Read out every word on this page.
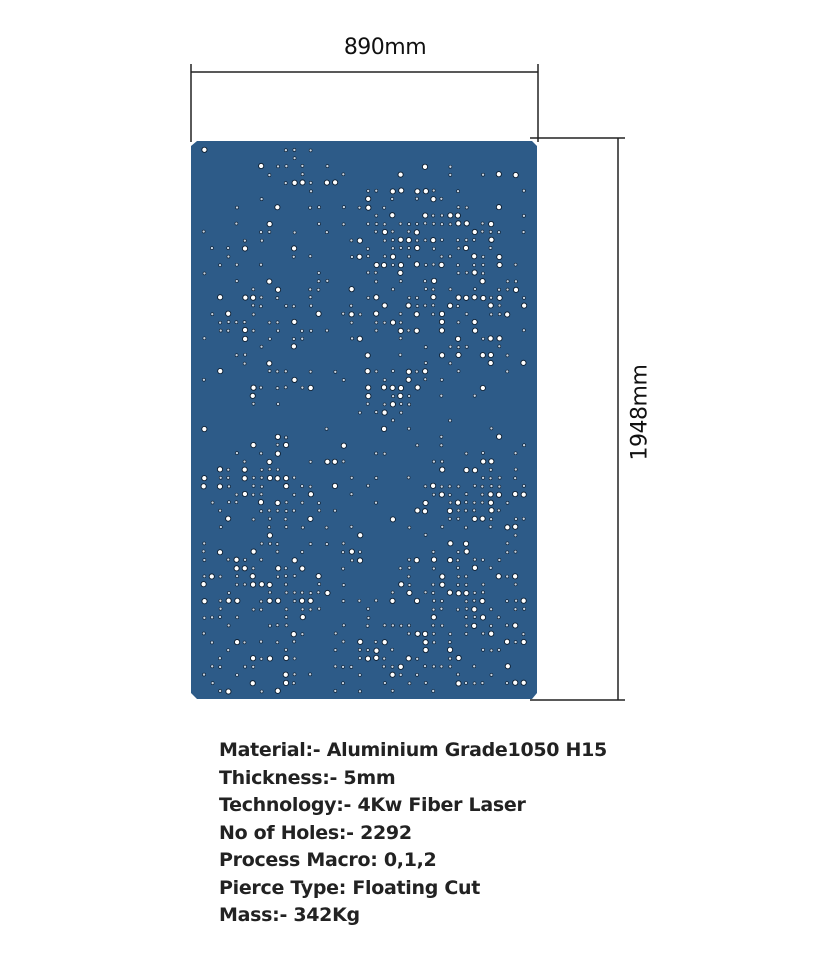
890mm
1948mm
Material:- Aluminium Grade1050 H15
Thickness:- 5mm
Technology:- 4Kw Fiber Laser
No of Holes:- 2292
Process Macro: 0,1,2
Pierce Type: Floating Cut
Mass:- 342Kg
